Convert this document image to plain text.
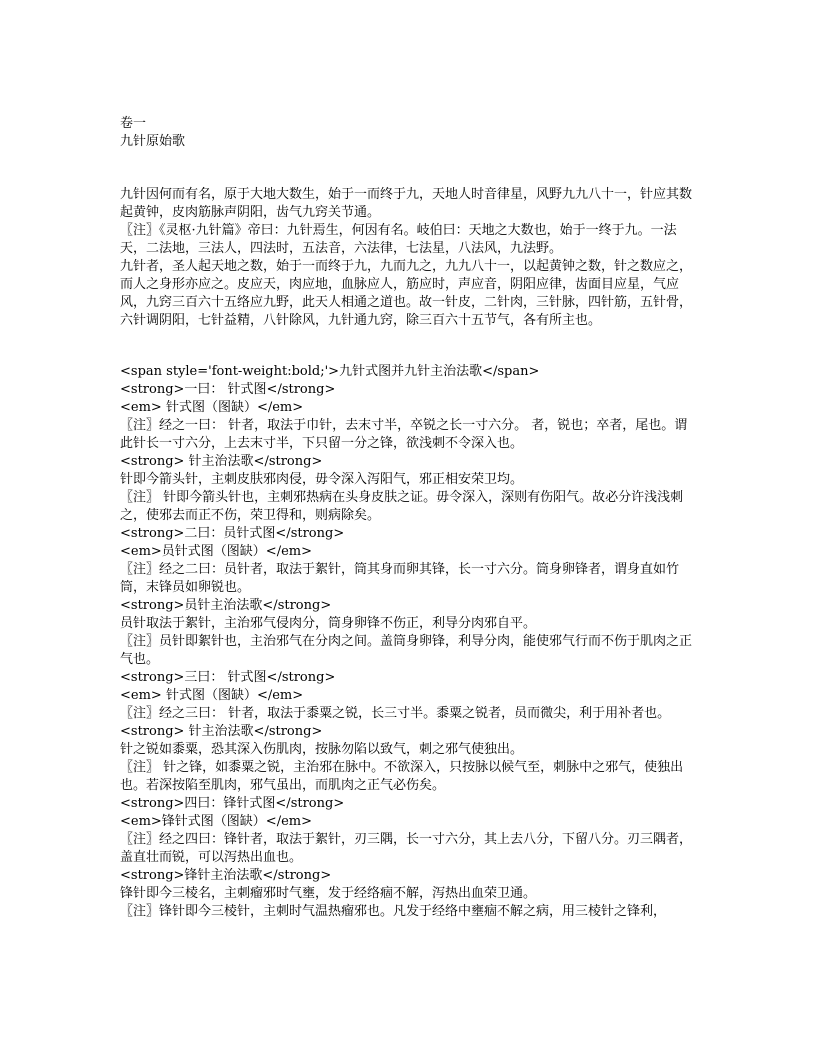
卷一

九针原始歌

九针因何而有名，原于大地大数生，始于一而终于九，天地人时音律星，风野九九八十一，针应其数起黄钟，皮肉筋脉声阴阳，齿气九窍关节通。

〖注〗《灵枢·九针篇》帝曰：九针焉生，何因有名。岐伯曰：天地之大数也，始于一终于九。一法天，二法地，三法人，四法时，五法音，六法律，七法星，八法风，九法野。

九针者，圣人起天地之数，始于一而终于九，九而九之，九九八十一，以起黄钟之数，针之数应之，而人之身形亦应之。皮应天，肉应地，血脉应人，筋应时，声应音，阴阳应律，齿面目应星，气应风，九窍三百六十五络应九野，此天人相通之道也。故一针皮，二针肉，三针脉，四针筋，五针骨，六针调阴阳，七针益精，八针除风，九针通九窍，除三百六十五节气，各有所主也。

<span style='font-weight:bold;'>九针式图并九针主治法歌</span>

<strong>一曰： 针式图</strong>

<em> 针式图（图缺）</em>

〖注〗经之一曰： 针者，取法于巾针，去末寸半，卒锐之长一寸六分。 者，锐也；卒者，尾也。谓此针长一寸六分，上去末寸半，下只留一分之锋，欲浅刺不令深入也。

<strong> 针主治法歌</strong>

针即今箭头针，主刺皮肤邪肉侵，毋令深入泻阳气，邪正相安荣卫均。

〖注〗 针即今箭头针也，主刺邪热病在头身皮肤之证。毋令深入，深则有伤阳气。故必分许浅浅刺之，使邪去而正不伤，荣卫得和，则病除矣。

<strong>二曰：员针式图</strong>

<em>员针式图（图缺）</em>

〖注〗经之二曰：员针者，取法于絮针，筒其身而卵其锋，长一寸六分。筒身卵锋者，谓身直如竹筒，末锋员如卵锐也。

<strong>员针主治法歌</strong>

员针取法于絮针，主治邪气侵肉分，筒身卵锋不伤正，利导分肉邪自平。

〖注〗员针即絮针也，主治邪气在分肉之间。盖筒身卵锋，利导分肉，能使邪气行而不伤于肌肉之正气也。

<strong>三曰： 针式图</strong>

<em> 针式图（图缺）</em>

〖注〗经之三曰： 针者，取法于黍粟之锐，长三寸半。黍粟之锐者，员而微尖，利于用补者也。

<strong> 针主治法歌</strong>

针之锐如黍粟，恐其深入伤肌肉，按脉勿陷以致气，刺之邪气使独出。

〖注〗 针之锋，如黍粟之锐，主治邪在脉中。不欲深入，只按脉以候气至，刺脉中之邪气，使独出也。若深按陷至肌肉，邪气虽出，而肌肉之正气必伤矣。

<strong>四曰：锋针式图</strong>

<em>锋针式图（图缺）</em>

〖注〗经之四曰：锋针者，取法于絮针，刃三隅，长一寸六分，其上去八分，下留八分。刃三隅者，盖直壮而锐，可以泻热出血也。

<strong>锋针主治法歌</strong>

锋针即今三棱名，主刺瘤邪时气壅，发于经络痼不解，泻热出血荣卫通。

〖注〗锋针即今三棱针，主刺时气温热瘤邪也。凡发于经络中壅痼不解之病，用三棱针之锋利，
